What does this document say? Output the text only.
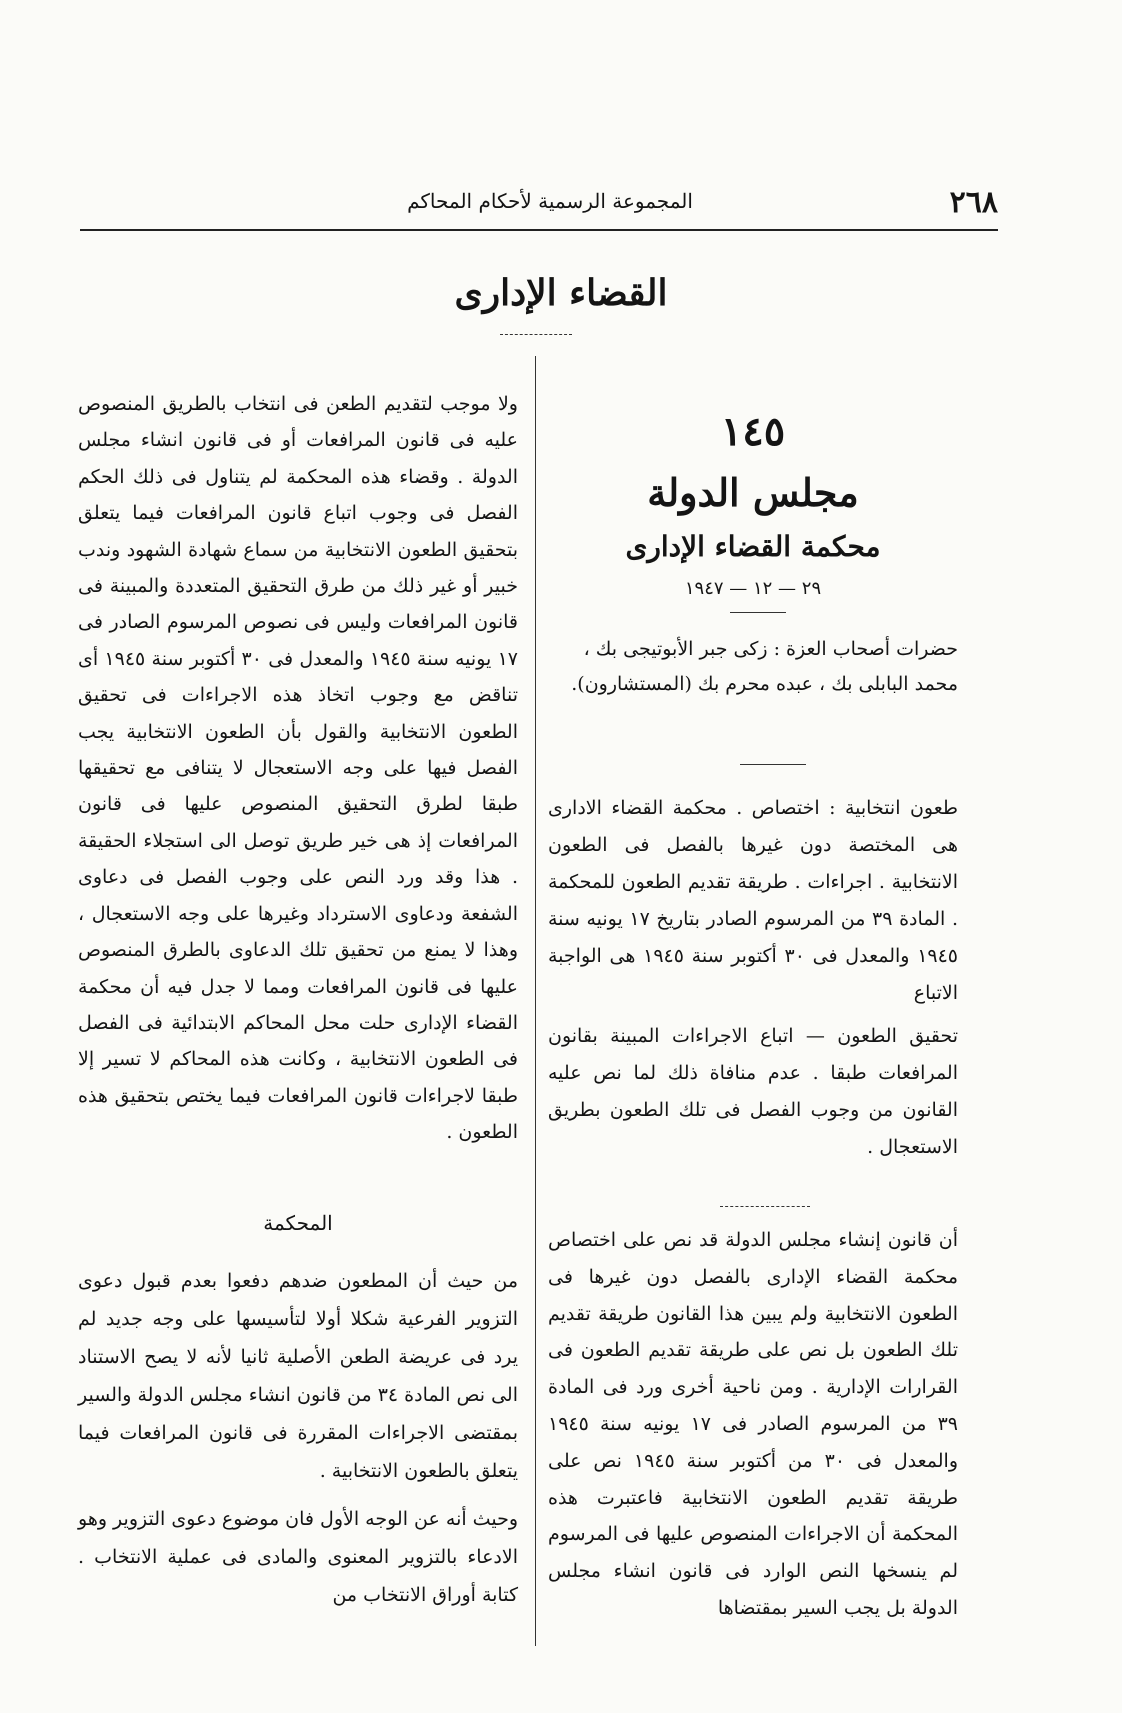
٢٦٨
المجموعة الرسمية لأحكام المحاكم
القضاء الإدارى
١٤٥
مجلس الدولة
محكمة القضاء الإدارى
٢٩ — ١٢ — ١٩٤٧

حضرات أصحاب العزة : زكى جبر الأبوتيجى بك ، محمد البابلى بك ، عبده محرم بك (المستشارون).

طعون انتخابية : اختصاص . محكمة القضاء الادارى هى المختصة دون غيرها بالفصل فى الطعون الانتخابية . اجراءات . طريقة تقديم الطعون للمحكمة . المادة ٣٩ من المرسوم الصادر بتاريخ ١٧ يونيه سنة ١٩٤٥ والمعدل فى ٣٠ أكتوبر سنة ١٩٤٥ هى الواجبة الاتباع

تحقيق الطعون — اتباع الاجراءات المبينة بقانون المرافعات طبقا . عدم منافاة ذلك لما نص عليه القانون من وجوب الفصل فى تلك الطعون بطريق الاستعجال .

أن قانون إنشاء مجلس الدولة قد نص على اختصاص محكمة القضاء الإدارى بالفصل دون غيرها فى الطعون الانتخابية ولم يبين هذا القانون طريقة تقديم تلك الطعون بل نص على طريقة تقديم الطعون فى القرارات الإدارية . ومن ناحية أخرى ورد فى المادة ٣٩ من المرسوم الصادر فى ١٧ يونيه سنة ١٩٤٥ والمعدل فى ٣٠ من أكتوبر سنة ١٩٤٥ نص على طريقة تقديم الطعون الانتخابية فاعتبرت هذه المحكمة أن الاجراءات المنصوص عليها فى المرسوم لم ينسخها النص الوارد فى قانون انشاء مجلس الدولة بل يجب السير بمقتضاها

ولا موجب لتقديم الطعن فى انتخاب بالطريق المنصوص عليه فى قانون المرافعات أو فى قانون انشاء مجلس الدولة . وقضاء هذه المحكمة لم يتناول فى ذلك الحكم الفصل فى وجوب اتباع قانون المرافعات فيما يتعلق بتحقيق الطعون الانتخابية من سماع شهادة الشهود وندب خبير أو غير ذلك من طرق التحقيق المتعددة والمبينة فى قانون المرافعات وليس فى نصوص المرسوم الصادر فى ١٧ يونيه سنة ١٩٤٥ والمعدل فى ٣٠ أكتوبر سنة ١٩٤٥ أى تناقض مع وجوب اتخاذ هذه الاجراءات فى تحقيق الطعون الانتخابية والقول بأن الطعون الانتخابية يجب الفصل فيها على وجه الاستعجال لا يتنافى مع تحقيقها طبقا لطرق التحقيق المنصوص عليها فى قانون المرافعات إذ هى خير طريق توصل الى استجلاء الحقيقة . هذا وقد ورد النص على وجوب الفصل فى دعاوى الشفعة ودعاوى الاسترداد وغيرها على وجه الاستعجال ، وهذا لا يمنع من تحقيق تلك الدعاوى بالطرق المنصوص عليها فى قانون المرافعات ومما لا جدل فيه أن محكمة القضاء الإدارى حلت محل المحاكم الابتدائية فى الفصل فى الطعون الانتخابية ، وكانت هذه المحاكم لا تسير إلا طبقا لاجراءات قانون المرافعات فيما يختص بتحقيق هذه الطعون .

المحكمة

من حيث أن المطعون ضدهم دفعوا بعدم قبول دعوى التزوير الفرعية شكلا أولا لتأسيسها على وجه جديد لم يرد فى عريضة الطعن الأصلية ثانيا لأنه لا يصح الاستناد الى نص المادة ٣٤ من قانون انشاء مجلس الدولة والسير بمقتضى الاجراءات المقررة فى قانون المرافعات فيما يتعلق بالطعون الانتخابية .

وحيث أنه عن الوجه الأول فان موضوع دعوى التزوير وهو الادعاء بالتزوير المعنوى والمادى فى عملية الانتخاب . كتابة أوراق الانتخاب من
